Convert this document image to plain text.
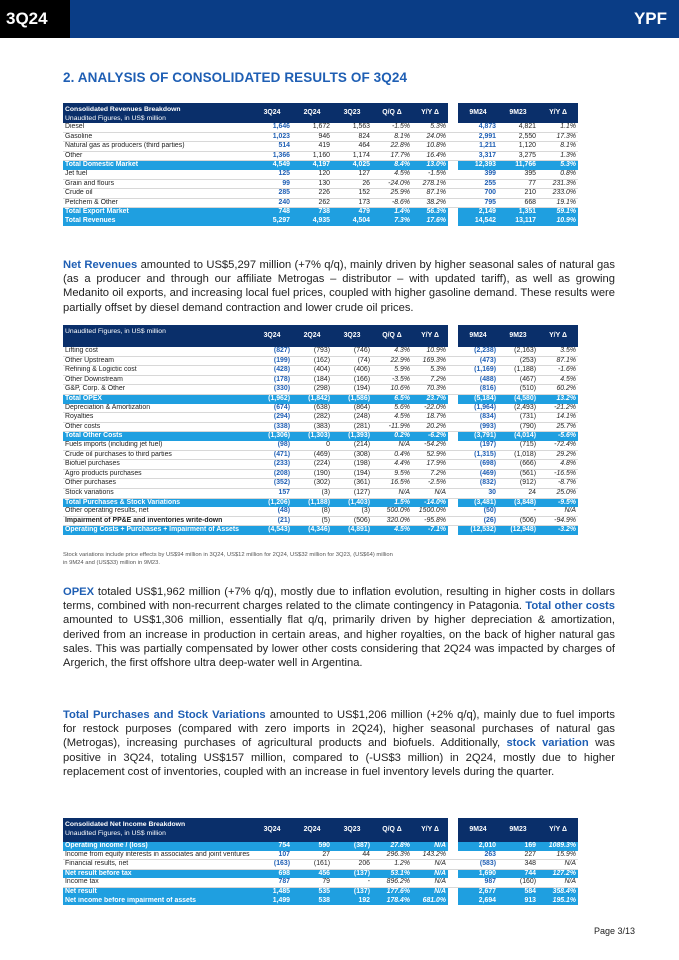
3Q24	YPF
2. ANALYSIS OF CONSOLIDATED RESULTS OF 3Q24
Consolidated Revenues Breakdown
Unaudited Figures, in US$ million	3Q24	2Q24	3Q23	Q/Q Δ	Y/Y Δ		9M24	9M23	Y/Y Δ
Diesel	1,646	1,672	1,563	-1.5%	5.3%		4,873	4,821	1.1%
Gasoline	1,023	946	824	8.1%	24.0%		2,991	2,550	17.3%
Natural gas as producers (third parties)	514	419	464	22.8%	10.8%		1,211	1,120	8.1%
Other	1,366	1,160	1,174	17.7%	16.4%		3,317	3,275	1.3%
Total Domestic Market	4,549	4,197	4,025	8.4%	13.0%		12,393	11,766	5.3%
Jet fuel	125	120	127	4.5%	-1.5%		399	395	0.8%
Grain and flours	99	130	26	-24.0%	278.1%		255	77	231.3%
Crude oil	285	226	152	25.9%	87.1%		700	210	233.0%
Petchem & Other	240	262	173	-8.6%	38.2%		795	668	19.1%
Total Export Market	748	738	479	1.4%	56.3%		2,149	1,351	59.1%
Total Revenues	5,297	4,935	4,504	7.3%	17.6%		14,542	13,117	10.9%

Net Revenues amounted to US$5,297 million (+7% q/q), mainly driven by higher seasonal sales of natural gas (as a producer and through our affiliate Metrogas – distributor – with updated tariff), as well as growing Medanito oil exports, and increasing local fuel prices, coupled with higher gasoline demand. These results were partially offset by diesel demand contraction and lower crude oil prices.

Unaudited Figures, in US$ million	3Q24	2Q24	3Q23	Q/Q Δ	Y/Y Δ		9M24	9M23	Y/Y Δ
Lifting cost	(827)	(793)	(746)	4.3%	10.9%		(2,238)	(2,163)	3.5%
Other Upstream	(199)	(162)	(74)	22.9%	169.3%		(473)	(253)	87.1%
Refining & Logictic cost	(428)	(404)	(406)	5.9%	5.3%		(1,169)	(1,188)	-1.6%
Other Downstream	(178)	(184)	(166)	-3.5%	7.2%		(488)	(467)	4.5%
G&P, Corp. & Other	(330)	(298)	(194)	10.6%	70.3%		(816)	(510)	60.2%
Total OPEX	(1,962)	(1,842)	(1,586)	6.5%	23.7%		(5,184)	(4,580)	13.2%
Depreciation & Amortization	(674)	(638)	(864)	5.6%	-22.0%		(1,964)	(2,493)	-21.2%
Royalties	(294)	(282)	(248)	4.5%	18.7%		(834)	(731)	14.1%
Other costs	(338)	(383)	(281)	-11.9%	20.2%		(993)	(790)	25.7%
Total Other Costs	(1,306)	(1,303)	(1,393)	0.2%	-6.2%		(3,791)	(4,014)	-5.6%
Fuels imports (including jet fuel)	(98)	0	(214)	N/A	-54.2%		(197)	(715)	-72.4%
Crude oil purchases to third parties	(471)	(469)	(308)	0.4%	52.9%		(1,315)	(1,018)	29.2%
Biofuel purchases	(233)	(224)	(198)	4.4%	17.9%		(698)	(666)	4.8%
Agro products purchases	(208)	(190)	(194)	9.5%	7.2%		(469)	(561)	-16.5%
Other purchases	(352)	(302)	(361)	16.5%	-2.5%		(832)	(912)	-8.7%
Stock variations	157	(3)	(127)	N/A	N/A		30	24	25.0%
Total Purchases & Stock Variations	(1,206)	(1,188)	(1,403)	1.5%	-14.0%		(3,481)	(3,848)	-9.5%
Other operating results, net	(48)	(8)	(3)	500.0%	1500.0%		(50)	-	N/A
Impairment of PP&E and inventories write-down	(21)	(5)	(506)	320.0%	-95.8%		(26)	(506)	-94.9%
Operating Costs + Purchases + Impairment of Assets	(4,543)	(4,346)	(4,891)	4.5%	-7.1%		(12,532)	(12,948)	-3.2%
Stock variations include price effects by US$94 million in 3Q24, US$12 million for 2Q24, US$32 million for 3Q23, (US$64) million in 9M24 and (US$33) million in 9M23.

OPEX totaled US$1,962 million (+7% q/q), mostly due to inflation evolution, resulting in higher costs in dollars terms, combined with non-recurrent charges related to the climate contingency in Patagonia. Total other costs amounted to US$1,306 million, essentially flat q/q, primarily driven by higher depreciation & amortization, derived from an increase in production in certain areas, and higher royalties, on the back of higher natural gas sales. This was partially compensated by lower other costs considering that 2Q24 was impacted by charges of Argerich, the first offshore ultra deep-water well in Argentina.

Total Purchases and Stock Variations amounted to US$1,206 million (+2% q/q), mainly due to fuel imports for restock purposes (compared with zero imports in 2Q24), higher seasonal purchases of natural gas (Metrogas), increasing purchases of agricultural products and biofuels. Additionally, stock variation was positive in 3Q24, totaling US$157 million, compared to (-US$3 million) in 2Q24, mostly due to higher replacement cost of inventories, coupled with an increase in fuel inventory levels during the quarter.

Consolidated Net Income Breakdown
Unaudited Figures, in US$ million	3Q24	2Q24	3Q23	Q/Q Δ	Y/Y Δ		9M24	9M23	Y/Y Δ
Operating income / (loss)	754	590	(387)	27.8%	N/A		2,010	169	1089.3%
Income from equity interests in associates and joint ventures	107	27	44	296.3%	143.2%		263	227	15.9%
Financial results, net	(163)	(161)	206	1.2%	N/A		(583)	348	N/A
Net result before tax	698	456	(137)	53.1%	N/A		1,690	744	127.2%
Income tax	787	79	-	896.2%	N/A		987	(160)	N/A
Net result	1,485	535	(137)	177.6%	N/A		2,677	584	358.4%
Net income before impairment of assets	1,499	538	192	178.4%	681.0%		2,694	913	195.1%
Page 3/13
